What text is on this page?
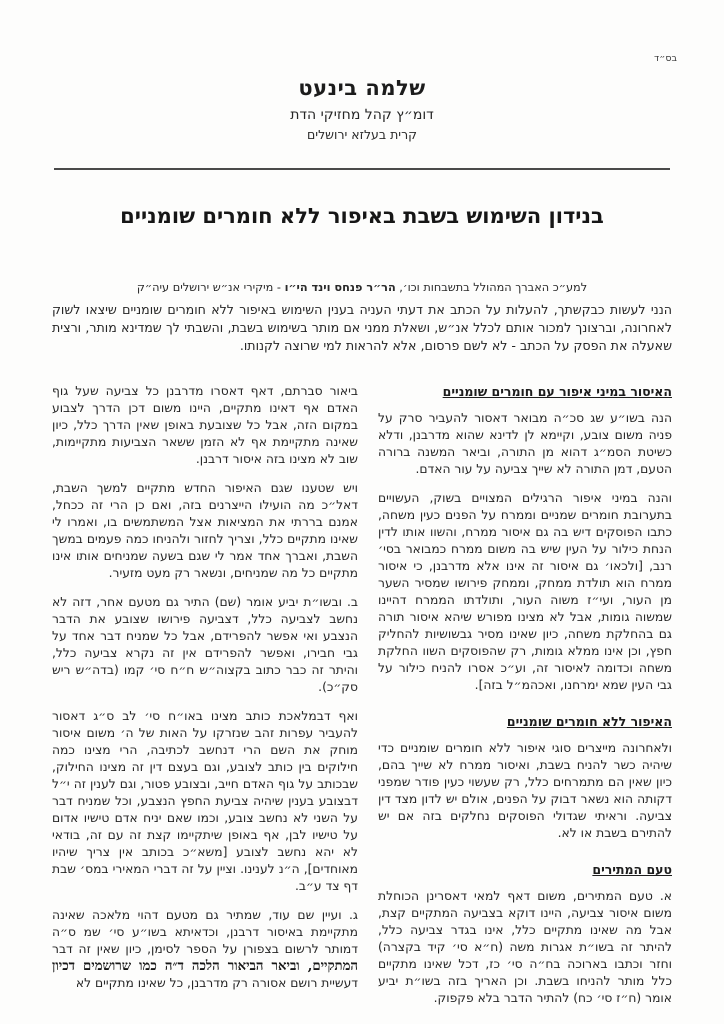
בס״ד
שלמה בינעט
דומ״ץ קהל מחזיקי הדת
קרית בעלזא ירושלים
בנידון השימוש בשבת באיפור ללא חומרים שומניים
למע״כ האברך המהולל בתשבחות וכו׳, הר״ר פנחס וינד הי״ו - מיקירי אנ״ש ירושלים עיה״ק
הנני לעשות כבקשתך, להעלות על הכתב את דעתי העניה בענין השימוש באיפור ללא חומרים שומניים שיצאו לשוק לאחרונה, וברצונך למכור אותם לכלל אנ״ש, ושאלת ממני אם מותר בשימוש בשבת, והשבתי לך שמדינא מותר, ורצית שאעלה את הפסק על הכתב - לא לשם פרסום, אלא להראות למי שרוצה לקנותו.
האיסור במיני איפור עם חומרים שומניים

הנה בשו״ע שג סכ״ה מבואר דאסור להעביר סרק על פניה משום צובע, וקיימא לן לדינא שהוא מדרבנן, ודלא כשיטת הסמ״ג דהוא מן התורה, וביאר המשנה ברורה הטעם, דמן התורה לא שייך צביעה על עור האדם.

והנה במיני איפור הרגילים המצויים בשוק, העשויים בתערובת חומרים שמניים וממרח על הפנים כעין משחה, כתבו הפוסקים דיש בה גם איסור ממרח, והשוו אותו לדין הנחת כילור על העין שיש בה משום ממרח כמבואר בסי׳ רנב, [ולכאו׳ גם איסור זה אינו אלא מדרבנן, כי איסור ממרח הוא תולדת ממחק, וממחק פירושו שמסיר השער מן העור, ועי״ז משוה העור, ותולדתו הממרח דהיינו שמשוה גומות, אבל לא מצינו מפורש שיהא איסור תורה גם בהחלקת משחה, כיון שאינו מסיר גבשושיות להחליק חפץ, וכן אינו ממלא גומות, רק שהפוסקים השוו החלקת משחה וכדומה לאיסור זה, וע״כ אסרו להניח כילור על גבי העין שמא ימרחנו, ואכהמ״ל בזה].

האיפור ללא חומרים שומניים

ולאחרונה מייצרים סוגי איפור ללא חומרים שומניים כדי שיהיה כשר להניח בשבת, ואיסור ממרח לא שייך בהם, כיון שאין הם מתמרחים כלל, רק שעשוי כעין פודר שמפני דקותה הוא נשאר דבוק על הפנים, אולם יש לדון מצד דין צביעה. וראיתי שגדולי הפוסקים נחלקים בזה אם יש להתירם בשבת או לא.

טעם המתירים

א. טעם המתירים, משום דאף למאי דאסרינן הכוחלת משום איסור צביעה, היינו דוקא בצביעה המתקיים קצת, אבל מה שאינו מתקיים כלל, אינו בגדר צביעה כלל, להיתר זה בשו״ת אגרות משה (ח״א סי׳ קיד בקצרה) וחזר וכתבו בארוכה בח״ה סי׳ כז, דכל שאינו מתקיים כלל מותר להניחו בשבת. וכן האריך בזה בשו״ת יביע אומר (ח״ז סי׳ כח) להתיר הדבר בלא פקפוק.

ביאור סברתם, דאף דאסרו מדרבנן כל צביעה שעל גוף האדם אף דאינו מתקיים, היינו משום דכן הדרך לצבוע במקום הזה, אבל כל שצובעת באופן שאין הדרך כלל, כיון שאינה מתקיימת אף לא הזמן ששאר הצביעות מתקיימות, שוב לא מצינו בזה איסור דרבנן.

ויש שטענו שגם האיפור החדש מתקיים למשך השבת, דאל״כ מה הועילו הייצרנים בזה, ואם כן הרי זה ככחל, אמנם בררתי את המציאות אצל המשתמשים בו, ואמרו לי שאינו מתקיים כלל, וצריך לחזור ולהניחו כמה פעמים במשך השבת, ואברך אחד אמר לי שגם בשעה שמניחים אותו אינו מתקיים כל מה שמניחים, ונשאר רק מעט מזעיר.

ב. ובשו״ת יביע אומר (שם) התיר גם מטעם אחר, דזה לא נחשב לצביעה כלל, דצביעה פירושו שצובע את הדבר הנצבע ואי אפשר להפרידם, אבל כל שמניח דבר אחד על גבי חבירו, ואפשר להפרידם אין זה נקרא צביעה כלל, והיתר זה כבר כתוב בקצוה״ש ח״ח סי׳ קמו (בדה״ש ריש סק״כ).

ואף דבמלאכת כותב מצינו באו״ח סי׳ לב ס״ג דאסור להעביר עפרות זהב שנזרקו על האות של ה׳ משום איסור מוחק את השם הרי דנחשב לכתיבה, הרי מצינו כמה חילוקים בין כותב לצובע, וגם בעצם דין זה מצינו החילוק, שבכותב על גוף האדם חייב, ובצובע פטור, וגם לענין זה י״ל דבצובע בענין שיהיה צביעת החפץ הנצבע, וכל שמניח דבר על השני לא נחשב צובע, וכמו שאם יניח אדם טישיו אדום על טישיו לבן, אף באופן שיתקיימו קצת זה עם זה, בודאי לא יהא נחשב לצובע [משא״כ בכותב אין צריך שיהיו מאוחדים], ה״נ לענינו. וציין על זה דברי המאירי במס׳ שבת דף צד ע״ב.

ג. ועיין שם עוד, שמתיר גם מטעם דהוי מלאכה שאינה מתקיימת באיסור דרבנן, וכדאיתא בשו״ע סי׳ שמ ס״ה דמותר לרשום בצפורן על הספר לסימן, כיון שאין זה דבר המתקיים, וביאר הביאור הלכה ד״ה כמו שרושמים דכיון דעשיית רושם אסורה רק מדרבנן, כל שאינו מתקיים לא
